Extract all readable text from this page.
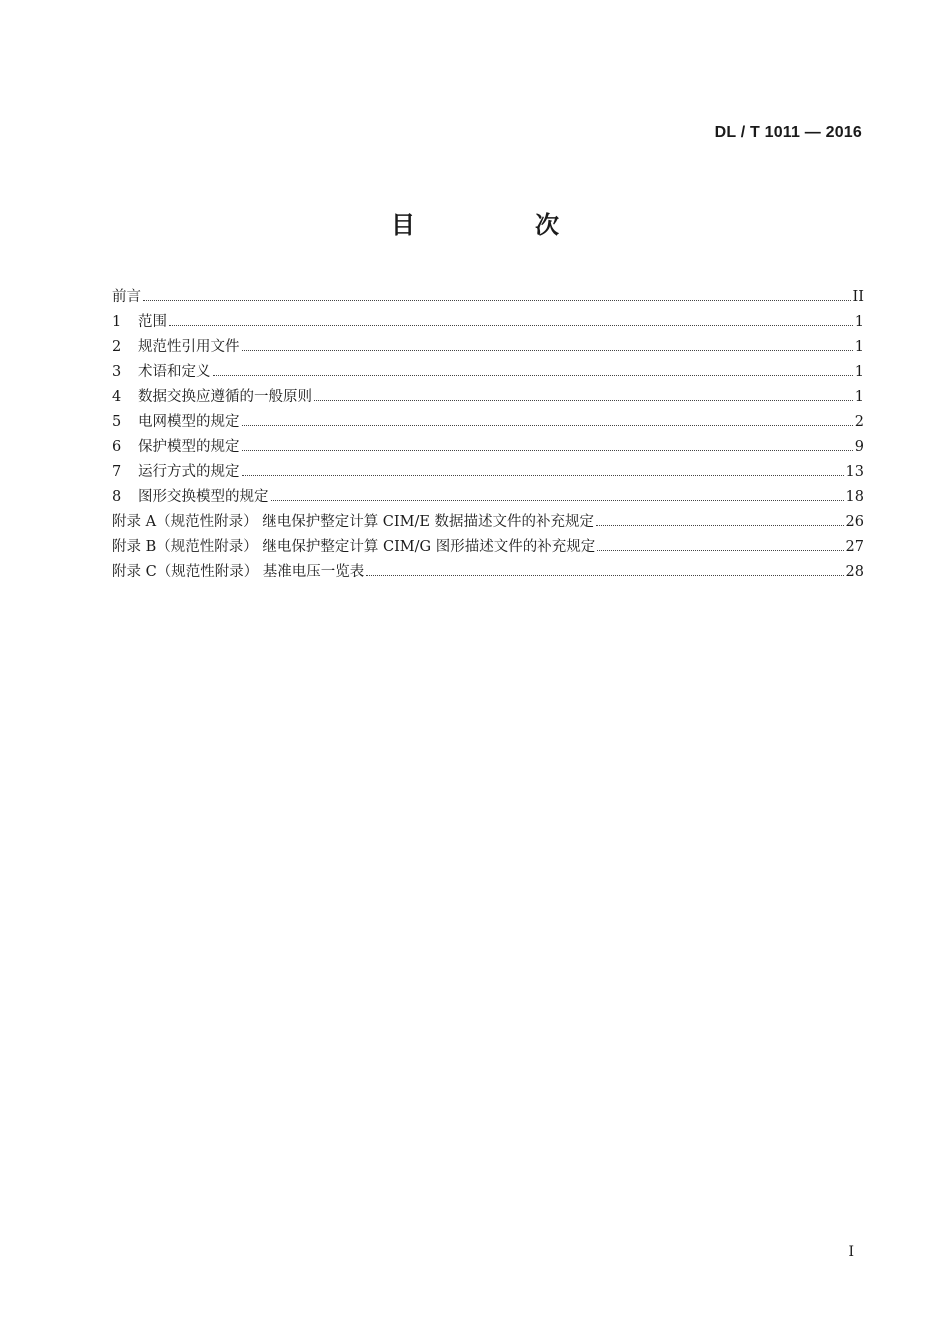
DL / T 1011 — 2016
目　次
前言	II
1	范围	1
2	规范性引用文件	1
3	术语和定义	1
4	数据交换应遵循的一般原则	1
5	电网模型的规定	2
6	保护模型的规定	9
7	运行方式的规定	13
8	图形交换模型的规定	18
附录 A（规范性附录） 继电保护整定计算 CIM/E 数据描述文件的补充规定	26
附录 B（规范性附录） 继电保护整定计算 CIM/G 图形描述文件的补充规定	27
附录 C（规范性附录） 基准电压一览表	28
I
